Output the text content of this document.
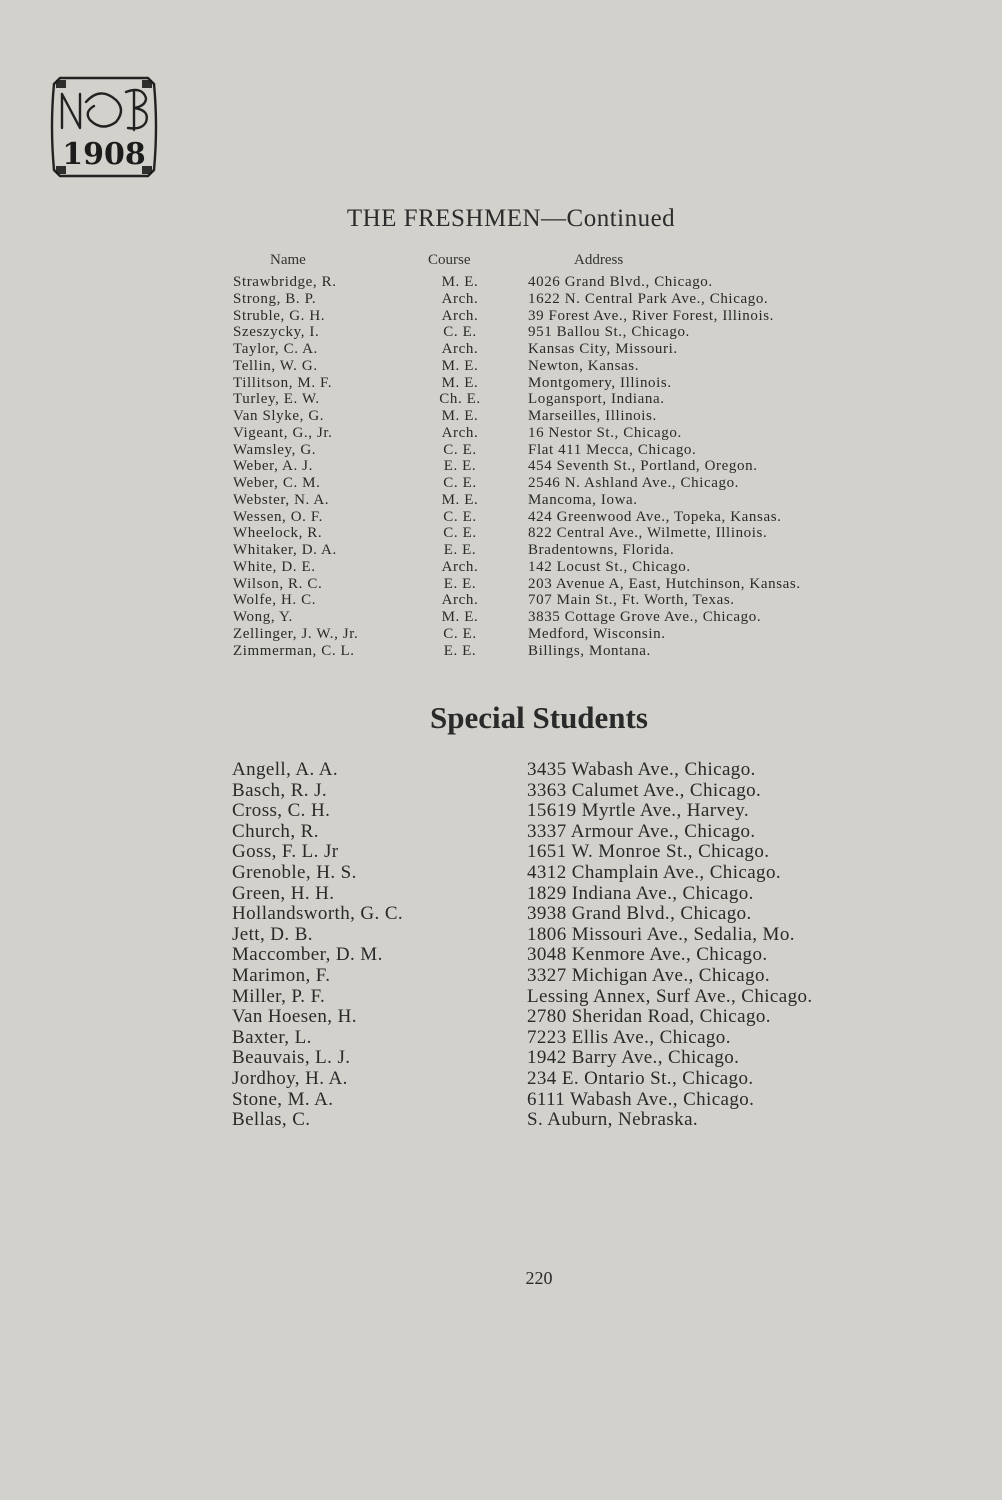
1908
THE FRESHMEN—Continued
Name	Course	Address
Strawbridge, R.	M. E.	4026 Grand Blvd., Chicago.
Strong, B. P.	Arch.	1622 N. Central Park Ave., Chicago.
Struble, G. H.	Arch.	39 Forest Ave., River Forest, Illinois.
Szeszycky, I.	C. E.	951 Ballou St., Chicago.
Taylor, C. A.	Arch.	Kansas City, Missouri.
Tellin, W. G.	M. E.	Newton, Kansas.
Tillitson, M. F.	M. E.	Montgomery, Illinois.
Turley, E. W.	Ch. E.	Logansport, Indiana.
Van Slyke, G.	M. E.	Marseilles, Illinois.
Vigeant, G., Jr.	Arch.	16 Nestor St., Chicago.
Wamsley, G.	C. E.	Flat 411 Mecca, Chicago.
Weber, A. J.	E. E.	454 Seventh St., Portland, Oregon.
Weber, C. M.	C. E.	2546 N. Ashland Ave., Chicago.
Webster, N. A.	M. E.	Mancoma, Iowa.
Wessen, O. F.	C. E.	424 Greenwood Ave., Topeka, Kansas.
Wheelock, R.	C. E.	822 Central Ave., Wilmette, Illinois.
Whitaker, D. A.	E. E.	Bradentowns, Florida.
White, D. E.	Arch.	142 Locust St., Chicago.
Wilson, R. C.	E. E.	203 Avenue A, East, Hutchinson, Kansas.
Wolfe, H. C.	Arch.	707 Main St., Ft. Worth, Texas.
Wong, Y.	M. E.	3835 Cottage Grove Ave., Chicago.
Zellinger, J. W., Jr.	C. E.	Medford, Wisconsin.
Zimmerman, C. L.	E. E.	Billings, Montana.
Special Students
Angell, A. A.	3435 Wabash Ave., Chicago.
Basch, R. J.	3363 Calumet Ave., Chicago.
Cross, C. H.	15619 Myrtle Ave., Harvey.
Church, R.	3337 Armour Ave., Chicago.
Goss, F. L. Jr	1651 W. Monroe St., Chicago.
Grenoble, H. S.	4312 Champlain Ave., Chicago.
Green, H. H.	1829 Indiana Ave., Chicago.
Hollandsworth, G. C.	3938 Grand Blvd., Chicago.
Jett, D. B.	1806 Missouri Ave., Sedalia, Mo.
Maccomber, D. M.	3048 Kenmore Ave., Chicago.
Marimon, F.	3327 Michigan Ave., Chicago.
Miller, P. F.	Lessing Annex, Surf Ave., Chicago.
Van Hoesen, H.	2780 Sheridan Road, Chicago.
Baxter, L.	7223 Ellis Ave., Chicago.
Beauvais, L. J.	1942 Barry Ave., Chicago.
Jordhoy, H. A.	234 E. Ontario St., Chicago.
Stone, M. A.	6111 Wabash Ave., Chicago.
Bellas, C.	S. Auburn, Nebraska.
220
